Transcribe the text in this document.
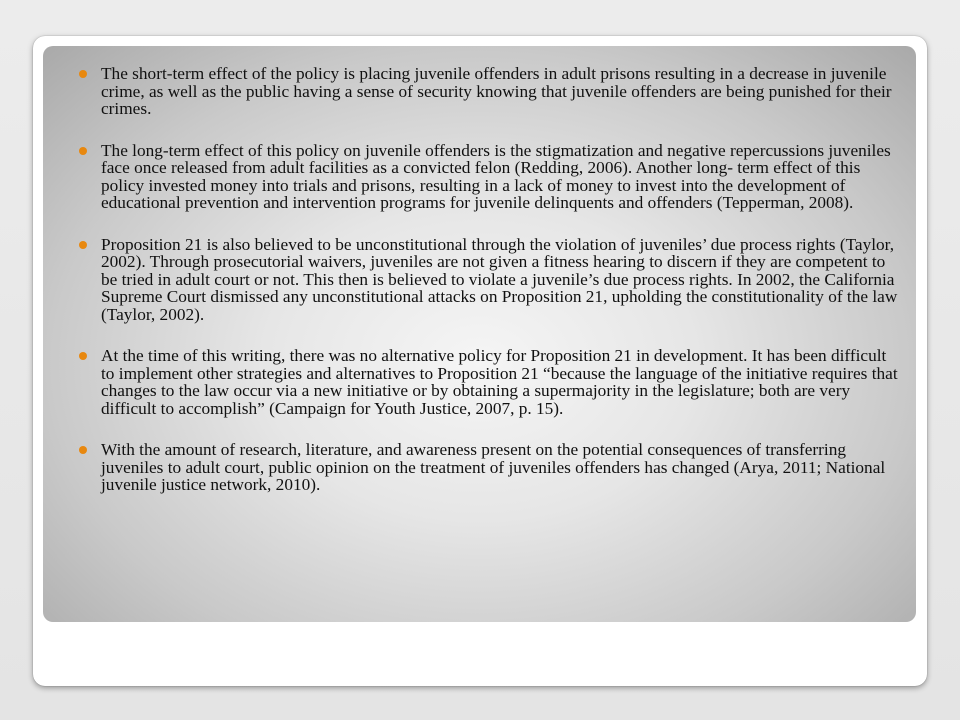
The short-term effect of the policy is placing juvenile offenders in adult prisons resulting in a decrease in juvenile crime, as well as the public having a sense of security knowing that juvenile offenders are being punished for their crimes.
The long-term effect of this policy on juvenile offenders is the stigmatization and negative repercussions juveniles face once released from adult facilities as a convicted felon (Redding, 2006). Another long- term effect of this policy invested money into trials and prisons, resulting in a lack of money to invest into the development of educational prevention and intervention programs for juvenile delinquents and offenders (Tepperman, 2008).
Proposition 21 is also believed to be unconstitutional through the violation of juveniles’ due process rights (Taylor, 2002). Through prosecutorial waivers, juveniles are not given a fitness hearing to discern if they are competent to be tried in adult court or not. This then is believed to violate a juvenile’s due process rights. In 2002, the California Supreme Court dismissed any unconstitutional attacks on Proposition 21, upholding the constitutionality of the law (Taylor, 2002).
At the time of this writing, there was no alternative policy for Proposition 21 in development. It has been difficult to implement other strategies and alternatives to Proposition 21 “because the language of the initiative requires that changes to the law occur via a new initiative or by obtaining a supermajority in the legislature; both are very difficult to accomplish” (Campaign for Youth Justice, 2007, p. 15).
With the amount of research, literature, and awareness present on the potential consequences of transferring juveniles to adult court, public opinion on the treatment of juveniles offenders has changed (Arya, 2011; National juvenile justice network, 2010).
